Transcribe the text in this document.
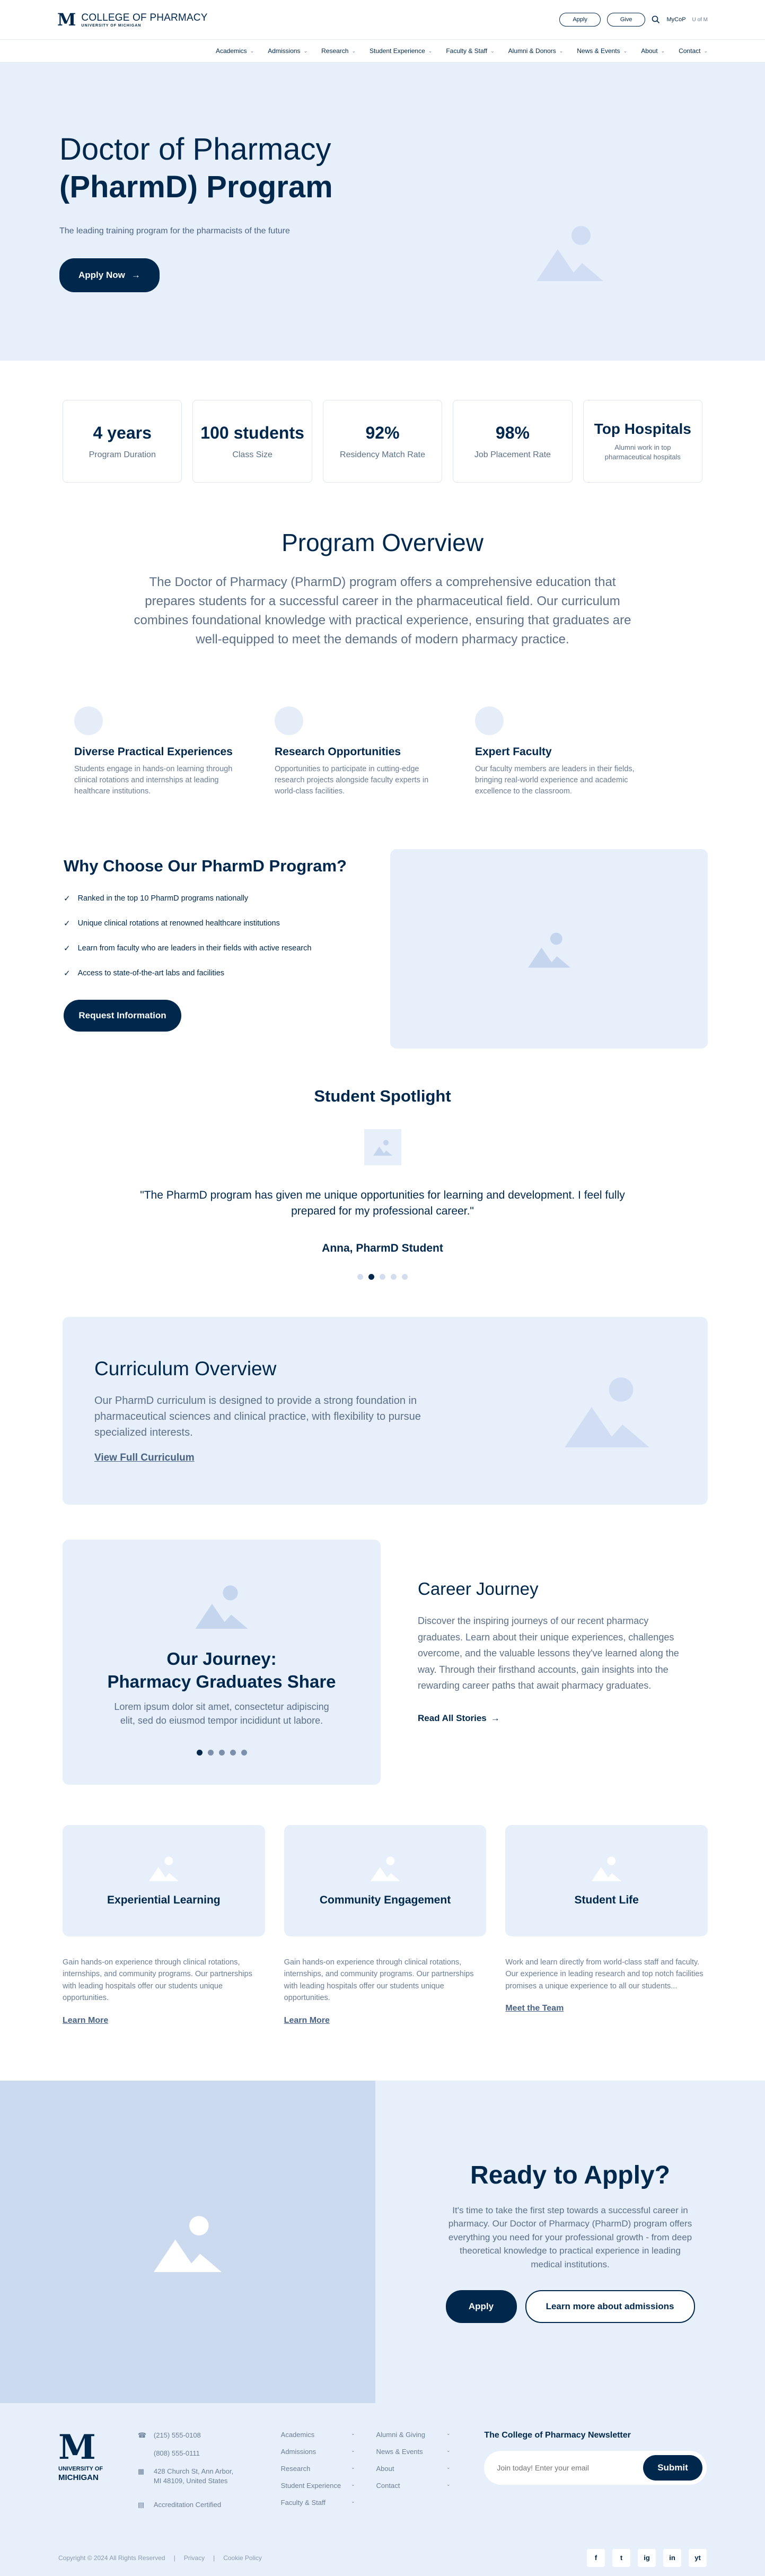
M COLLEGE OF PHARMACY
UNIVERSITY OF MICHIGAN
Apply	Give	MyCoP U of M
Academics ⌄ Admissions ⌄ Research ⌄ Student Experience ⌄ Faculty & Staff ⌄ Alumni & Donors ⌄ News & Events ⌄ About ⌄ Contact ⌄
Doctor of Pharmacy
(PharmD) Program

The leading training program for the pharmacists of the future

Apply Now →
4 years
Program Duration
100 students
Class Size
92%
Residency Match Rate
98%
Job Placement Rate
Top Hospitals
Alumni work in top pharmaceutical hospitals
Program Overview

The Doctor of Pharmacy (PharmD) program offers a comprehensive education that prepares students for a successful career in the pharmaceutical field. Our curriculum combines foundational knowledge with practical experience, ensuring that graduates are well-equipped to meet the demands of modern pharmacy practice.

Diverse Practical Experiences

Students engage in hands-on learning through clinical rotations and internships at leading healthcare institutions.

Research Opportunities

Opportunities to participate in cutting-edge research projects alongside faculty experts in world-class facilities.

Expert Faculty

Our faculty members are leaders in their fields, bringing real-world experience and academic excellence to the classroom.

Why Choose Our PharmD Program?
✓ Ranked in the top 10 PharmD programs nationally
✓ Unique clinical rotations at renowned healthcare institutions
✓ Learn from faculty who are leaders in their fields with active research
✓ Access to state-of-the-art labs and facilities
Request Information
Student Spotlight

"The PharmD program has given me unique opportunities for learning and development. I feel fully prepared for my professional career."

Anna, PharmD Student

Curriculum Overview

Our PharmD curriculum is designed to provide a strong foundation in pharmaceutical sciences and clinical practice, with flexibility to pursue specialized interests.

View Full Curriculum
Our Journey:
Pharmacy Graduates Share

Lorem ipsum dolor sit amet, consectetur adipiscing elit, sed do eiusmod tempor incididunt ut labore.

Career Journey

Discover the inspiring journeys of our recent pharmacy graduates. Learn about their unique experiences, challenges overcome, and the valuable lessons they've learned along the way. Through their firsthand accounts, gain insights into the rewarding career paths that await pharmacy graduates.

Read All Stories →
Experiential Learning

Gain hands-on experience through clinical rotations, internships, and community programs. Our partnerships with leading hospitals offer our students unique opportunities.

Learn More
Community Engagement

Gain hands-on experience through clinical rotations, internships, and community programs. Our partnerships with leading hospitals offer our students unique opportunities.

Learn More
Student Life

Work and learn directly from world-class staff and faculty. Our experience in leading research and top notch facilities promises a unique experience to all our students...

Meet the Team
Ready to Apply?

It's time to take the first step towards a successful career in pharmacy. Our Doctor of Pharmacy (PharmD) program offers everything you need for your professional growth - from deep theoretical knowledge to practical experience in leading medical institutions.

Apply	Learn more about admissions
M
UNIVERSITY OF
MICHIGAN
☎ (215) 555-0108
(808) 555-0111
▦ 428 Church St, Ann Arbor,
MI 48109, United States
▤ Accreditation Certified
Academics	⌄
Admissions	⌄
Research	⌄
Student Experience ⌄
Faculty & Staff	⌄
Alumni & Giving	⌄
News & Events	⌄
About	⌄
Contact	⌄
The College of Pharmacy Newsletter
Join today! Enter your email
Submit
Copyright © 2024 All Rights Reserved | Privacy | Cookie Policy	f	t	ig	in	yt
